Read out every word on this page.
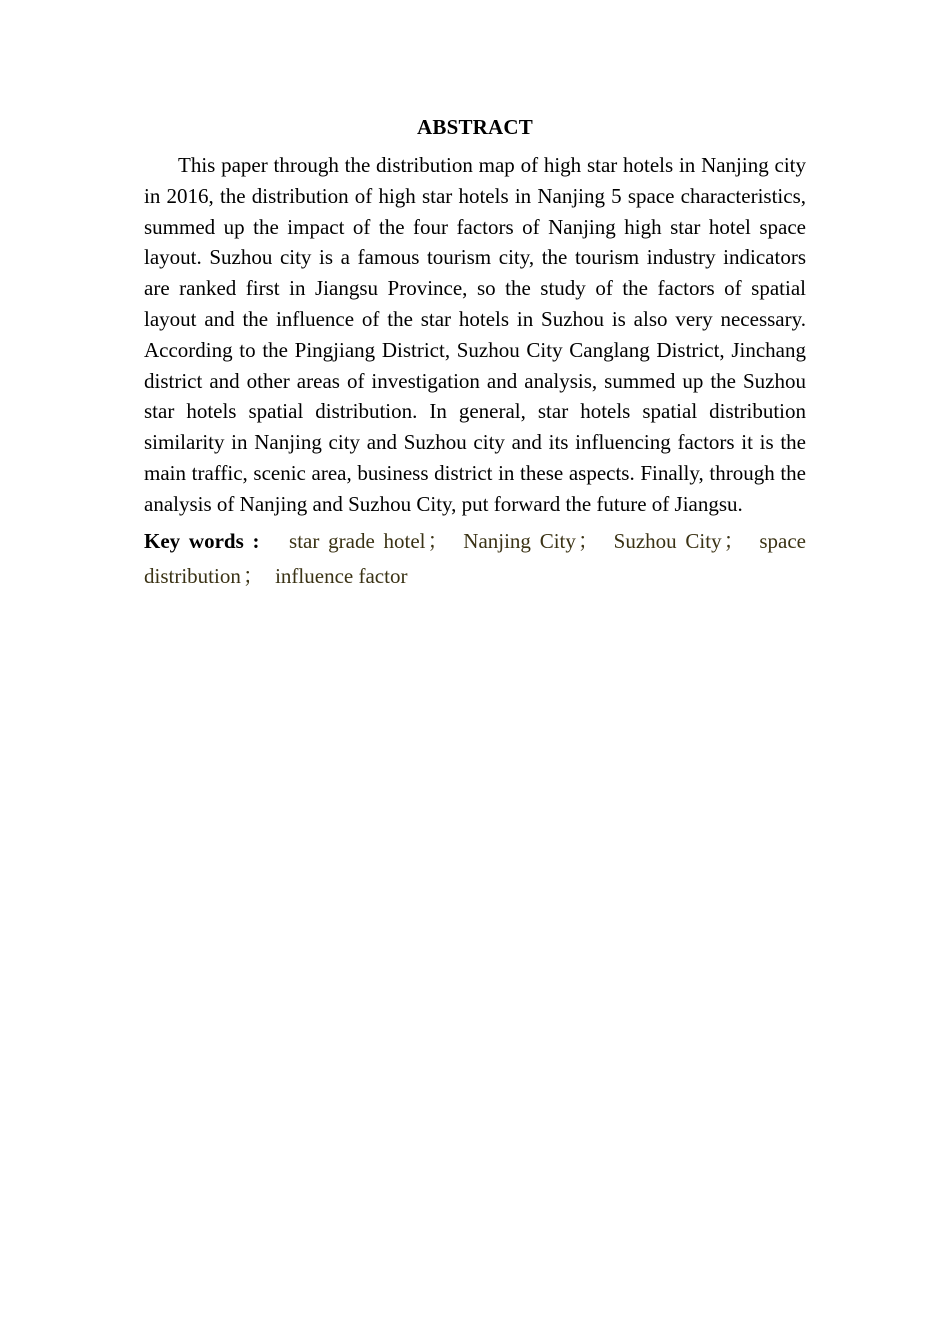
ABSTRACT

This paper through the distribution map of high star hotels in Nanjing city in 2016, the distribution of high star hotels in Nanjing 5 space characteristics, summed up the impact of the four factors of Nanjing high star hotel space layout. Suzhou city is a famous tourism city, the tourism industry indicators are ranked first in Jiangsu Province, so the study of the factors of spatial layout and the influence of the star hotels in Suzhou is also very necessary. According to the Pingjiang District, Suzhou City Canglang District, Jinchang district and other areas of investigation and analysis, summed up the Suzhou star hotels spatial distribution. In general, star hotels spatial distribution similarity in Nanjing city and Suzhou city and its influencing factors it is the main traffic, scenic area, business district in these aspects. Finally, through the analysis of Nanjing and Suzhou City, put forward the future of Jiangsu.

Key words : star grade hotel； Nanjing City； Suzhou City； space distribution； influence factor
